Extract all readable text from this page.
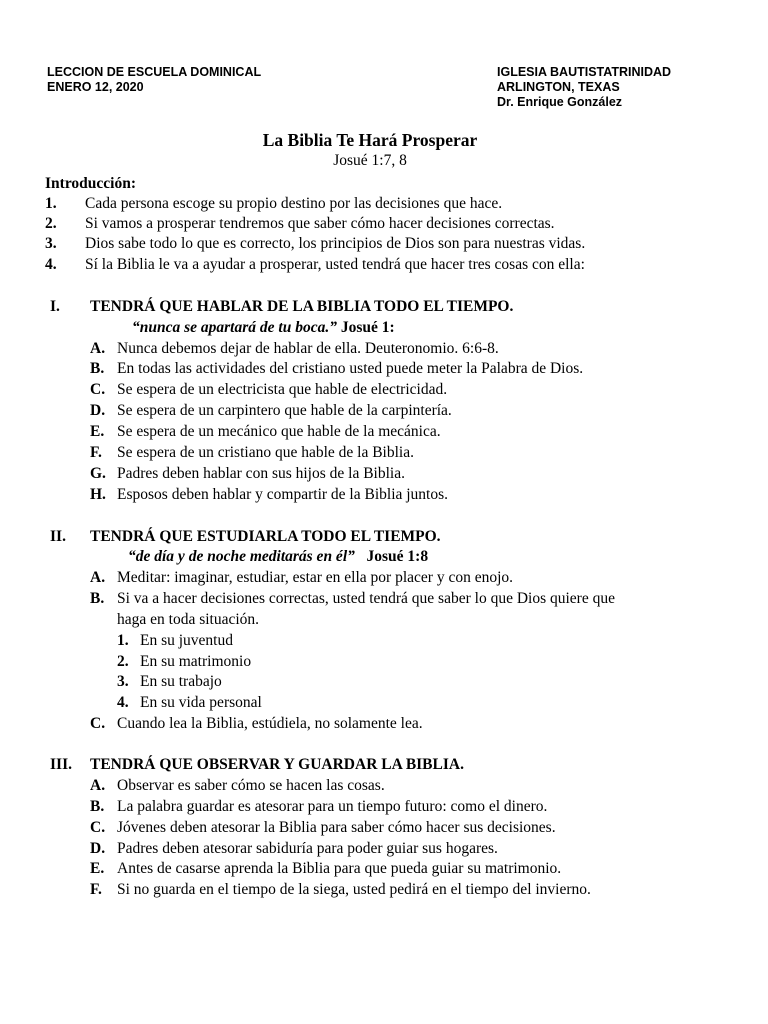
LECCION DE ESCUELA DOMINICAL
ENERO 12, 2020
IGLESIA BAUTISTATRINIDAD
ARLINGTON, TEXAS
Dr. Enrique González
La Biblia Te Hará Prosperar
Josué 1:7, 8
Introducción:
1. Cada persona escoge su propio destino por las decisiones que hace.
2. Si vamos a prosperar tendremos que saber cómo hacer decisiones correctas.
3. Dios sabe todo lo que es correcto, los principios de Dios son para nuestras vidas.
4. Sí la Biblia le va a ayudar a prosperar, usted tendrá que hacer tres cosas con ella:
I. TENDRÁ QUE HABLAR DE LA BIBLIA TODO EL TIEMPO.
“nunca se apartará de tu boca.” Josué 1:
A. Nunca debemos dejar de hablar de ella. Deuteronomio. 6:6-8.
B. En todas las actividades del cristiano usted puede meter la Palabra de Dios.
C. Se espera de un electricista que hable de electricidad.
D. Se espera de un carpintero que hable de la carpintería.
E. Se espera de un mecánico que hable de la mecánica.
F. Se espera de un cristiano que hable de la Biblia.
G. Padres deben hablar con sus hijos de la Biblia.
H. Esposos deben hablar y compartir de la Biblia juntos.
II. TENDRÁ QUE ESTUDIARLA TODO EL TIEMPO.
“de día y de noche meditarás en él”   Josué 1:8
A. Meditar: imaginar, estudiar, estar en ella por placer y con enojo.
B. Si va a hacer decisiones correctas, usted tendrá que saber lo que Dios quiere que
haga en toda situación.
1. En su juventud
2. En su matrimonio
3. En su trabajo
4. En su vida personal
C. Cuando lea la Biblia, estúdiela, no solamente lea.
III. TENDRÁ QUE OBSERVAR Y GUARDAR LA BIBLIA.
A. Observar es saber cómo se hacen las cosas.
B. La palabra guardar es atesorar para un tiempo futuro: como el dinero.
C. Jóvenes deben atesorar la Biblia para saber cómo hacer sus decisiones.
D. Padres deben atesorar sabiduría para poder guiar sus hogares.
E. Antes de casarse aprenda la Biblia para que pueda guiar su matrimonio.
F. Si no guarda en el tiempo de la siega, usted pedirá en el tiempo del invierno.
